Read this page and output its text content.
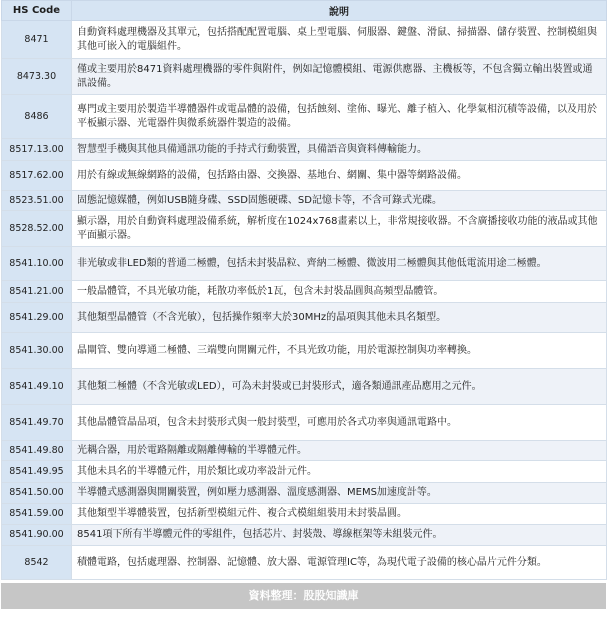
HS Code	說明
8471	自動資料處理機器及其單元，包括搭配配置電腦、桌上型電腦、伺服器、鍵盤、滑鼠、掃描器、儲存裝置、控制模組與其他可嵌入的電腦組件。
8473.30	僅或主要用於8471資料處理機器的零件與附件，例如記憶體模組、電源供應器、主機板等，不包含獨立輸出裝置或通訊設備。
8486	專門或主要用於製造半導體器件或電晶體的設備，包括蝕刻、塗佈、曝光、離子植入、化學氣相沉積等設備，以及用於平板顯示器、光電器件與微系統器件製造的設備。
8517.13.00	智慧型手機與其他具備通訊功能的手持式行動裝置，具備語音與資料傳輸能力。
8517.62.00	用於有線或無線網路的設備，包括路由器、交換器、基地台、網關、集中器等網路設備。
8523.51.00	固態記憶媒體，例如USB隨身碟、SSD固態硬碟、SD記憶卡等，不含可錄式光碟。
8528.52.00	顯示器，用於自動資料處理設備系統，解析度在1024x768畫素以上，非常規接收器。不含廣播接收功能的液晶或其他平面顯示器。
8541.10.00	非光敏或非LED類的普通二極體，包括未封裝晶粒、齊納二極體、微波用二極體與其他低電流用途二極體。
8541.21.00	一般晶體管，不具光敏功能，耗散功率低於1瓦，包含未封裝晶圓與高頻型晶體管。
8541.29.00	其他類型晶體管（不含光敏），包括操作頻率大於30MHz的晶項與其他未具名類型。
8541.30.00	晶閘管、雙向導通二極體、三端雙向開關元件，不具光致功能，用於電源控制與功率轉換。
8541.49.10	其他類二極體（不含光敏或LED），可為未封裝或已封裝形式，適各類通訊產品應用之元件。
8541.49.70	其他晶體管晶品項，包含未封裝形式與一般封裝型，可應用於各式功率與通訊電路中。
8541.49.80	光耦合器，用於電路隔離或隔離傳輸的半導體元件。
8541.49.95	其他未具名的半導體元件，用於類比或功率設計元件。
8541.50.00	半導體式感測器與開關裝置，例如壓力感測器、溫度感測器、MEMS加速度計等。
8541.59.00	其他類型半導體裝置，包括新型模組元件、複合式模組組裝用未封裝晶圓。
8541.90.00	8541項下所有半導體元件的零組件，包括芯片、封裝殼、導線框架等未組裝元件。
8542	積體電路，包括處理器、控制器、記憶體、放大器、電源管理IC等，為現代電子設備的核心晶片元件分類。
資料整理：股股知識庫
